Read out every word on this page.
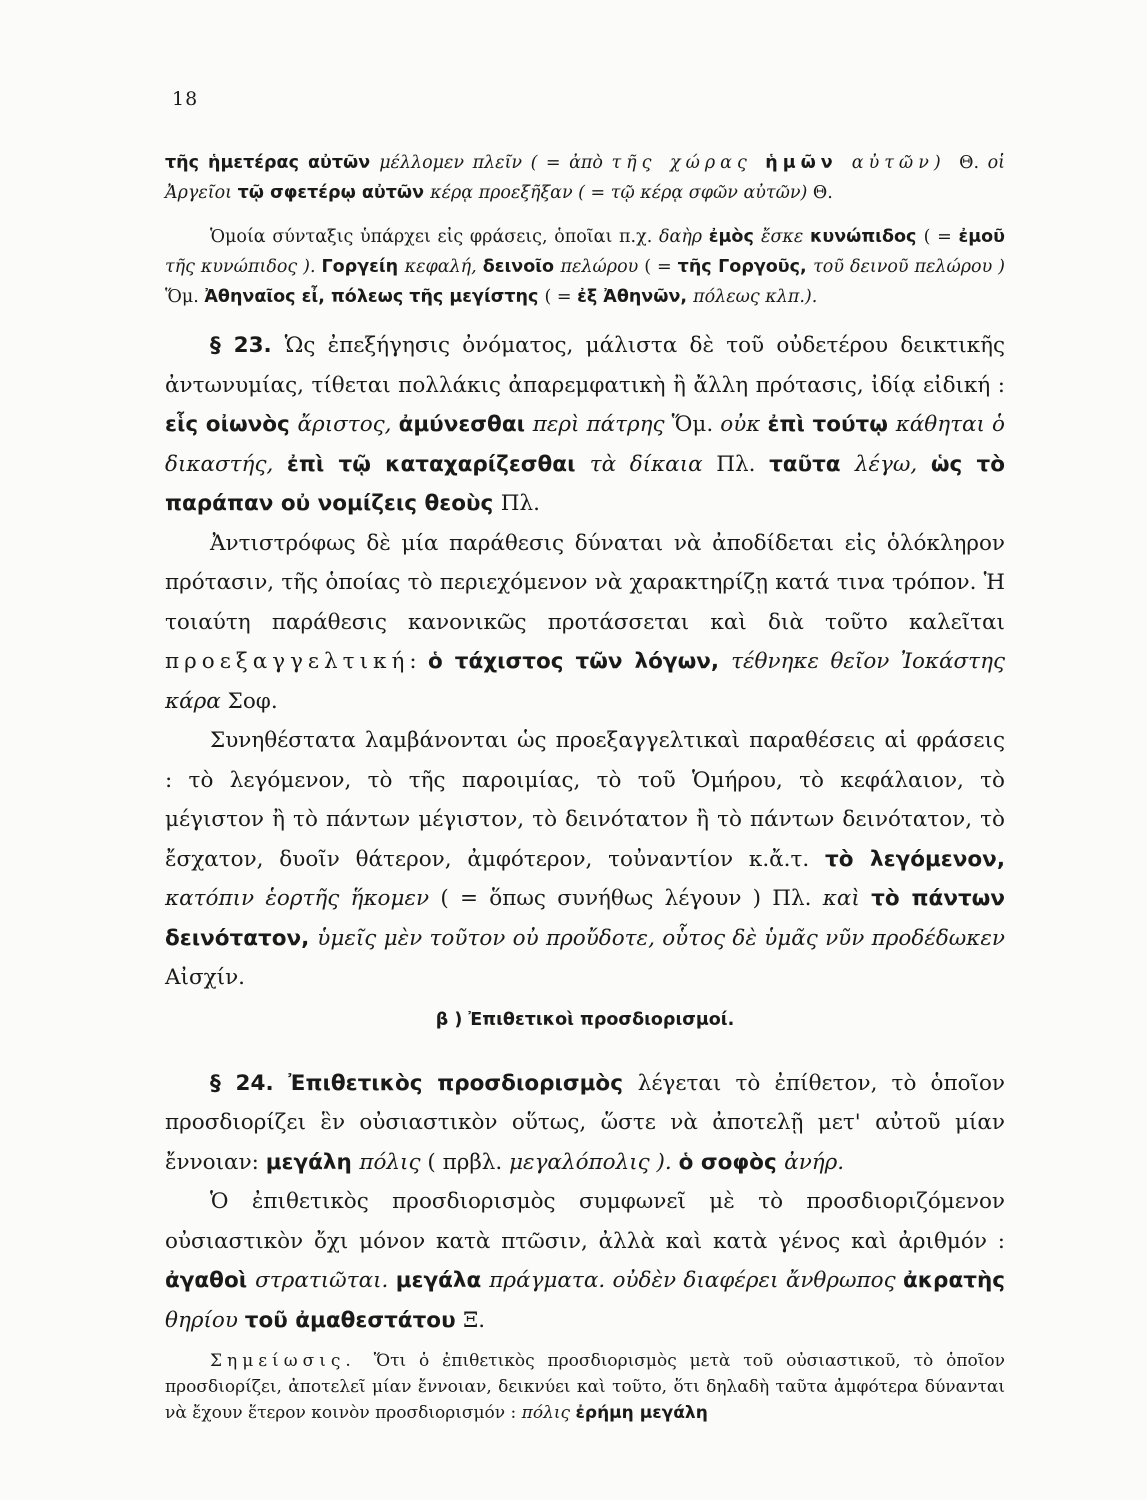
18

τῆς ἡμετέρας αὐτῶν μέλλομεν πλεῖν ( = ἀπὸ τῆς χώρας ἡμῶν αὐτῶν) Θ. οἱ Ἀργεῖοι τῷ σφετέρῳ αὐτῶν κέρᾳ προεξῆξαν ( = τῷ κέρᾳ σφῶν αὐτῶν) Θ.

Ὁμοία σύνταξις ὑπάρχει εἰς φράσεις, ὁποῖαι π.χ. δαὴρ ἐμὸς ἔσκε κυνώπιδος ( = ἐμοῦ τῆς κυνώπιδος ). Γοργείη κεφαλή, δεινοῖο πελώρου ( = τῆς Γοργοῦς, τοῦ δεινοῦ πελώρου ) Ὅμ. Ἀθηναῖος εἶ, πόλεως τῆς μεγίστης ( = ἐξ Ἀθηνῶν, πόλεως κλπ.).

§ 23. Ὡς ἐπεξήγησις ὀνόματος, μάλιστα δὲ τοῦ οὐδετέρου δεικτικῆς ἀντωνυμίας, τίθεται πολλάκις ἀπαρεμφατικὴ ἢ ἄλλη πρότασις, ἰδίᾳ εἰδική : εἷς οἰωνὸς ἄριστος, ἀμύνεσθαι περὶ πάτρης Ὅμ. οὐκ ἐπὶ τούτῳ κάθηται ὁ δικαστής, ἐπὶ τῷ καταχαρίζεσθαι τὰ δίκαια Πλ. ταῦτα λέγω, ὡς τὸ παράπαν οὐ νομίζεις θεοὺς Πλ.

Ἀντιστρόφως δὲ μία παράθεσις δύναται νὰ ἀποδίδεται εἰς ὁλόκληρον πρότασιν, τῆς ὁποίας τὸ περιεχόμενον νὰ χαρακτηρίζῃ κατά τινα τρόπον. Ἡ τοιαύτη παράθεσις κανονικῶς προτάσσεται καὶ διὰ τοῦτο καλεῖται προεξαγγελτική: ὁ τάχιστος τῶν λόγων, τέθνηκε θεῖον Ἰοκάστης κάρα Σοφ.

Συνηθέστατα λαμβάνονται ὡς προεξαγγελτικαὶ παραθέσεις αἱ φράσεις : τὸ λεγόμενον, τὸ τῆς παροιμίας, τὸ τοῦ Ὁμήρου, τὸ κεφάλαιον, τὸ μέγιστον ἢ τὸ πάντων μέγιστον, τὸ δεινότατον ἢ τὸ πάντων δεινότατον, τὸ ἔσχατον, δυοῖν θάτερον, ἀμφότερον, τοὐναντίον κ.ἄ.τ. τὸ λεγόμενον, κατόπιν ἑορτῆς ἥκομεν ( = ὅπως συνήθως λέγουν ) Πλ. καὶ τὸ πάντων δεινότατον, ὑμεῖς μὲν τοῦτον οὐ προὔδοτε, οὗτος δὲ ὑμᾶς νῦν προδέδωκεν Αἰσχίν.

β ) Ἐπιθετικοὶ προσδιορισμοί.

§ 24. Ἐπιθετικὸς προσδιορισμὸς λέγεται τὸ ἐπίθετον, τὸ ὁποῖον προσδιορίζει ἓν οὐσιαστικὸν οὕτως, ὥστε νὰ ἀποτελῇ μετ' αὐτοῦ μίαν ἔννοιαν: μεγάλη πόλις ( πρβλ. μεγαλόπολις ). ὁ σοφὸς ἀνήρ.

Ὁ ἐπιθετικὸς προσδιορισμὸς συμφωνεῖ μὲ τὸ προσδιοριζόμενον οὐσιαστικὸν ὄχι μόνον κατὰ πτῶσιν, ἀλλὰ καὶ κατὰ γένος καὶ ἀριθμόν : ἀγαθοὶ στρατιῶται. μεγάλα πράγματα. οὐδὲν διαφέρει ἄνθρωπος ἀκρατὴς θηρίου τοῦ ἀμαθεστάτου Ξ.

Σημείωσις. Ὅτι ὁ ἐπιθετικὸς προσδιορισμὸς μετὰ τοῦ οὐσιαστικοῦ, τὸ ὁποῖον προσδιορίζει, ἀποτελεῖ μίαν ἔννοιαν, δεικνύει καὶ τοῦτο, ὅτι δηλαδὴ ταῦτα ἀμφότερα δύνανται νὰ ἔχουν ἕτερον κοινὸν προσδιορισμόν : πόλις ἐρήμη μεγάλη
